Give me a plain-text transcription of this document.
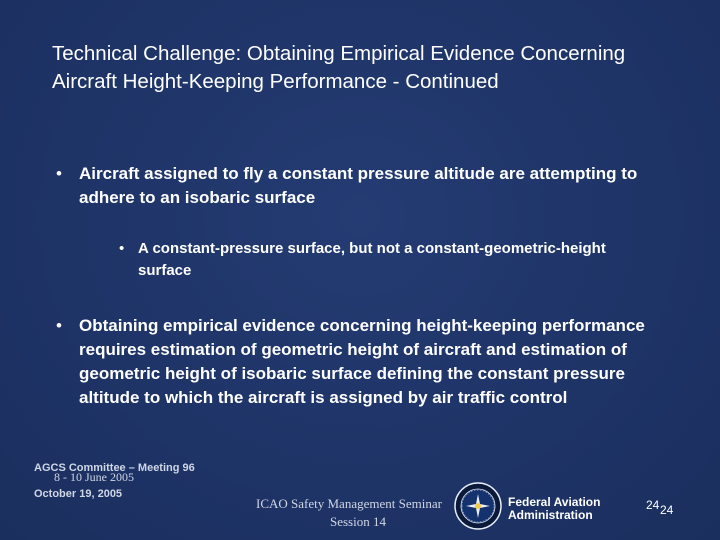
Technical Challenge: Obtaining Empirical Evidence Concerning Aircraft Height-Keeping Performance - Continued
•	Aircraft assigned to fly a constant pressure altitude are attempting to adhere to an isobaric surface
• A constant-pressure surface, but not a constant-geometric-height surface
•	Obtaining empirical evidence concerning height-keeping performance requires estimation of geometric height of aircraft and estimation of geometric height of isobaric surface defining the constant pressure altitude to which the aircraft is assigned by air traffic control
AGCS Committee – Meeting 96
8 - 10 June 2005
October 19, 2005
ICAO Safety Management Seminar
Session 14
Federal Aviation
Administration
24 24
